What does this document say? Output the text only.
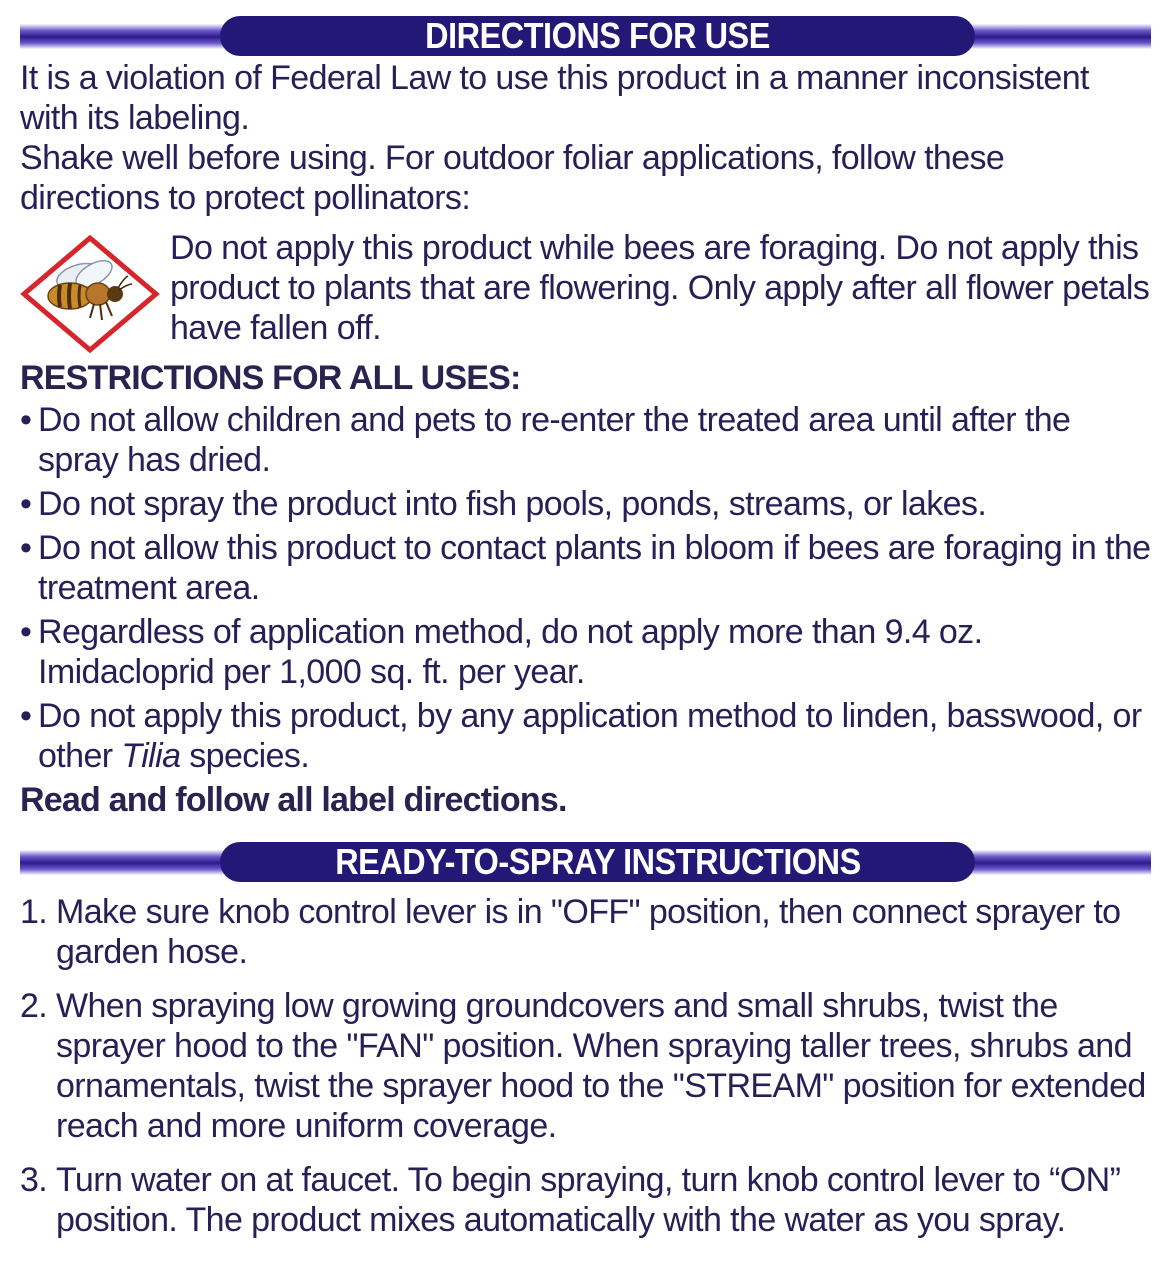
DIRECTIONS FOR USE

It is a violation of Federal Law to use this product in a manner inconsistent with its labeling.

Shake well before using. For outdoor foliar applications, follow these directions to protect pollinators:

Do not apply this product while bees are foraging. Do not apply this product to plants that are flowering. Only apply after all flower petals have fallen off.
RESTRICTIONS FOR ALL USES:
• Do not allow children and pets to re-enter the treated area until after the spray has dried.
• Do not spray the product into fish pools, ponds, streams, or lakes.
• Do not allow this product to contact plants in bloom if bees are foraging in the treatment area.
• Regardless of application method, do not apply more than 9.4 oz. Imidacloprid per 1,000 sq. ft. per year.
• Do not apply this product, by any application method to linden, basswood, or other Tilia species.
Read and follow all label directions.
READY-TO-SPRAY INSTRUCTIONS
1. Make sure knob control lever is in "OFF" position, then connect sprayer to garden hose.
2. When spraying low growing groundcovers and small shrubs, twist the sprayer hood to the "FAN" position. When spraying taller trees, shrubs and ornamentals, twist the sprayer hood to the "STREAM" position for extended reach and more uniform coverage.
3. Turn water on at faucet. To begin spraying, turn knob control lever to “ON” position. The product mixes automatically with the water as you spray.
